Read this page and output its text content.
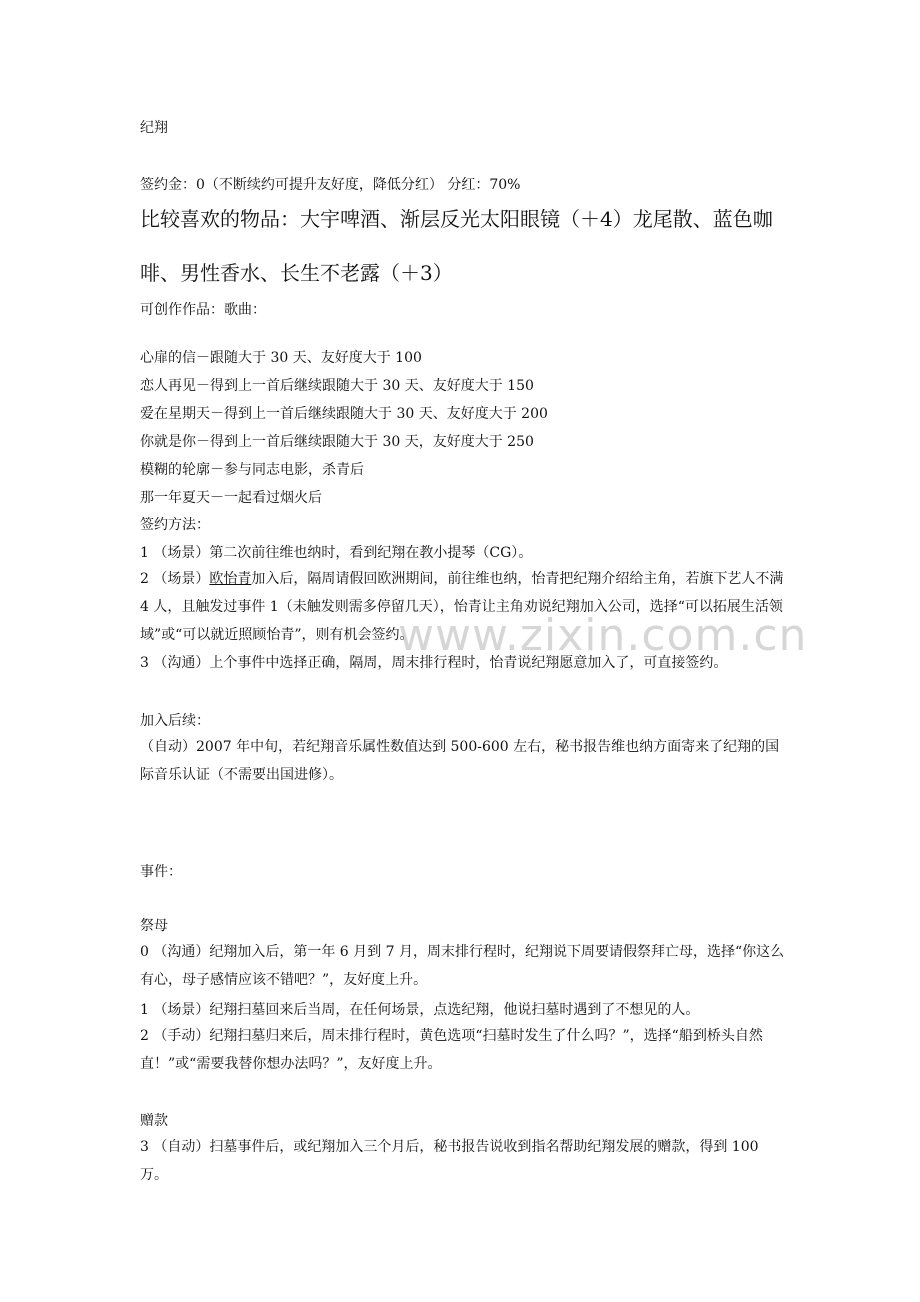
www.zixin.com.cn
纪翔
签约金：0（不断续约可提升友好度，降低分红） 分红：70%
比较喜欢的物品：大宇啤酒、渐层反光太阳眼镜（＋4）龙尾散、蓝色咖啡、男性香水、长生不老露（＋3）
可创作作品：歌曲：
心扉的信－跟随大于 30 天、友好度大于 100
恋人再见－得到上一首后继续跟随大于 30 天、友好度大于 150
爱在星期天－得到上一首后继续跟随大于 30 天、友好度大于 200
你就是你－得到上一首后继续跟随大于 30 天，友好度大于 250
模糊的轮廓－参与同志电影，杀青后
那一年夏天－一起看过烟火后
签约方法：
1 （场景）第二次前往维也纳时，看到纪翔在教小提琴（CG）。
2 （场景）欧怡青加入后，隔周请假回欧洲期间，前往维也纳，怡青把纪翔介绍给主角，若旗下艺人不满 4 人，且触发过事件 1（未触发则需多停留几天），怡青让主角劝说纪翔加入公司，选择“可以拓展生活领域”或“可以就近照顾怡青”，则有机会签约。
3 （沟通）上个事件中选择正确，隔周，周末排行程时，怡青说纪翔愿意加入了，可直接签约。
加入后续：
（自动）2007 年中旬，若纪翔音乐属性数值达到 500-600 左右，秘书报告维也纳方面寄来了纪翔的国际音乐认证（不需要出国进修）。
事件：
祭母
0 （沟通）纪翔加入后，第一年 6 月到 7 月，周末排行程时，纪翔说下周要请假祭拜亡母，选择“你这么有心，母子感情应该不错吧？”，友好度上升。
1 （场景）纪翔扫墓回来后当周，在任何场景，点选纪翔，他说扫墓时遇到了不想见的人。
2 （手动）纪翔扫墓归来后，周末排行程时，黄色选项“扫墓时发生了什么吗？”，选择“船到桥头自然直！”或“需要我替你想办法吗？”，友好度上升。
赠款
3 （自动）扫墓事件后，或纪翔加入三个月后，秘书报告说收到指名帮助纪翔发展的赠款，得到 100 万。
